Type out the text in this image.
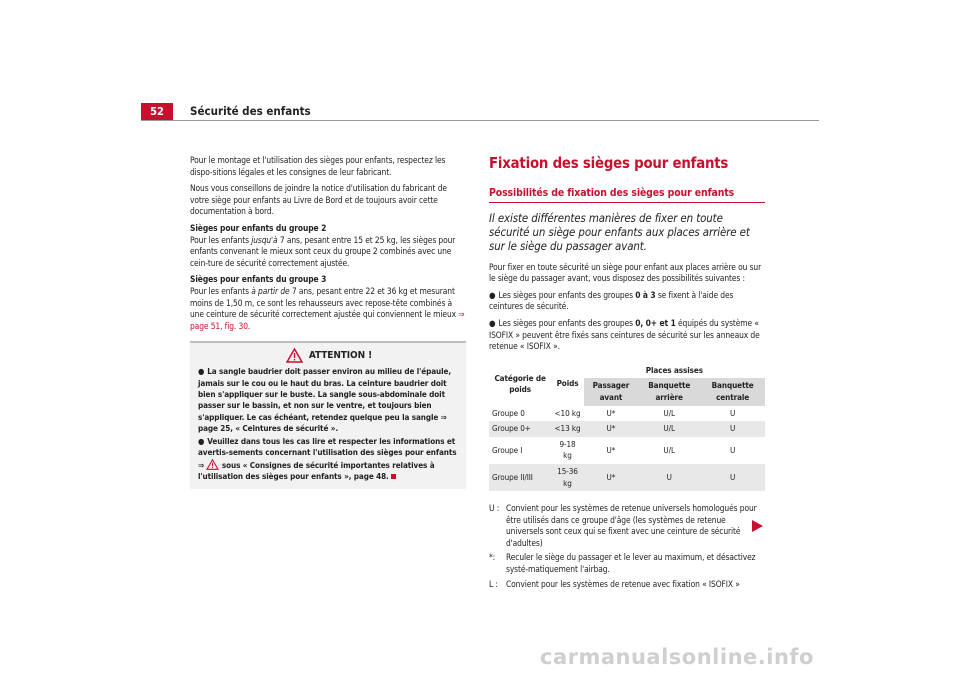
52	Sécurité des enfants

Pour le montage et l'utilisation des sièges pour enfants, respectez les dispo-sitions légales et les consignes de leur fabricant.

Nous vous conseillons de joindre la notice d'utilisation du fabricant de votre siège pour enfants au Livre de Bord et de toujours avoir cette documentation à bord.

Sièges pour enfants du groupe 2

Pour les enfants jusqu'à 7 ans, pesant entre 15 et 25 kg, les sièges pour enfants convenant le mieux sont ceux du groupe 2 combinés avec une cein-ture de sécurité correctement ajustée.

Sièges pour enfants du groupe 3

Pour les enfants à partir de 7 ans, pesant entre 22 et 36 kg et mesurant moins de 1,50 m, ce sont les rehausseurs avec repose-tête combinés à une ceinture de sécurité correctement ajustée qui conviennent le mieux ⇒ page 51, fig. 30.

ATTENTION !

● La sangle baudrier doit passer environ au milieu de l'épaule, jamais sur le cou ou le haut du bras. La ceinture baudrier doit bien s'appliquer sur le buste. La sangle sous-abdominale doit passer sur le bassin, et non sur le ventre, et toujours bien s'appliquer. Le cas échéant, retendez quelque peu la sangle ⇒ page 25, « Ceintures de sécurité ».

● Veuillez dans tous les cas lire et respecter les informations et avertis-sements concernant l'utilisation des sièges pour enfants ⇒  sous « Consignes de sécurité importantes relatives à l'utilisation des sièges pour enfants », page 48.

Fixation des sièges pour enfants
Possibilités de fixation des sièges pour enfants

Il existe différentes manières de fixer en toute sécurité un siège pour enfants aux places arrière et sur le siège du passager avant.

Pour fixer en toute sécurité un siège pour enfant aux places arrière ou sur le siège du passager avant, vous disposez des possibilités suivantes :

● Les sièges pour enfants des groupes 0 à 3 se fixent à l'aide des ceintures de sécurité.

● Les sièges pour enfants des groupes 0, 0+ et 1 équipés du système « ISOFIX » peuvent être fixés sans ceintures de sécurité sur les anneaux de retenue « ISOFIX ».

Catégorie de poids	Poids	Places assises		
		Passager avant	Banquette arrière	Banquette centrale
Groupe 0	<10 kg	U*	U/L	U
Groupe 0+	<13 kg	U*	U/L	U
Groupe I	9-18 kg	U*	U/L	U
Groupe II/III	15-36 kg	U*	U	U
U : Convient pour les systèmes de retenue universels homologués pour être utilisés dans ce groupe d'âge (les systèmes de retenue universels sont ceux qui se fixent avec une ceinture de sécurité d'adultes)
*:	Reculer le siège du passager et le lever au maximum, et désactivez systé-matiquement l'airbag.
L : Convient pour les systèmes de retenue avec fixation « ISOFIX »
carmanualsonline.info
